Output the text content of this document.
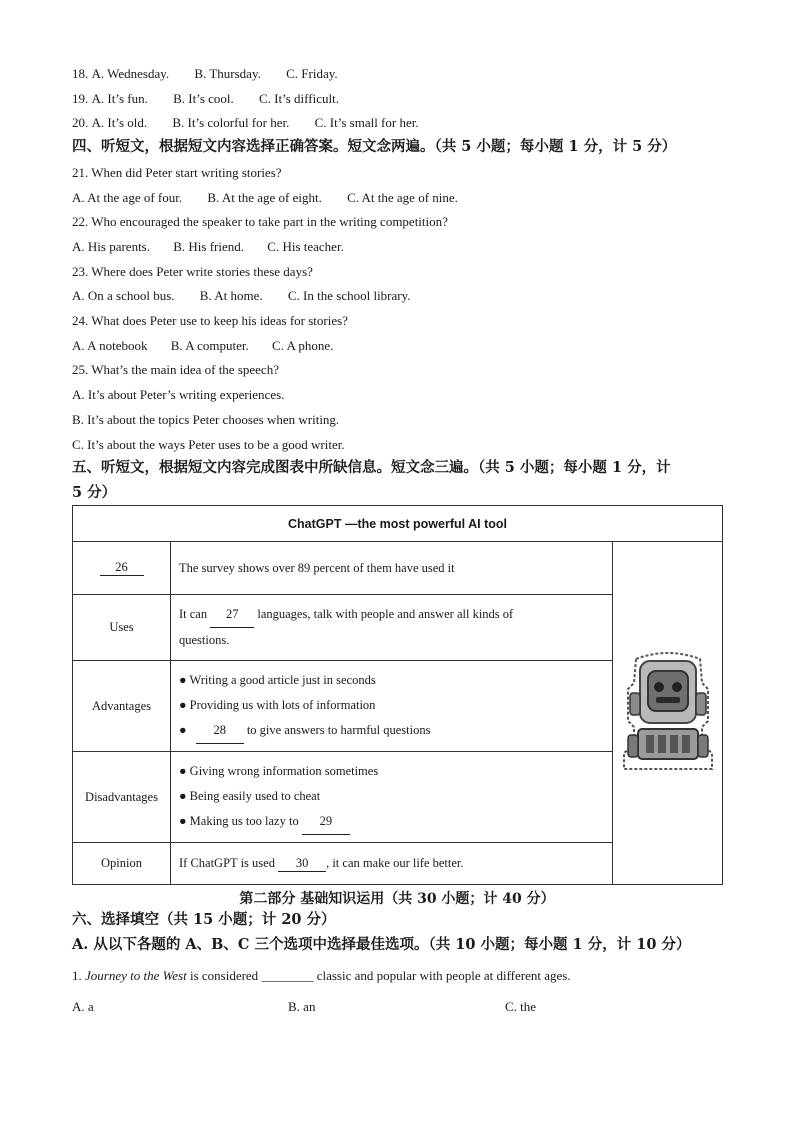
18. A. Wednesday. B. Thursday. C. Friday.
19. A. It’s fun. B. It’s cool. C. It’s difficult.
20. A. It’s old. B. It’s colorful for her. C. It’s small for her.
四、听短文，根据短文内容选择正确答案。短文念两遍。（共 5 小题；每小题 1 分，计 5 分）
21. When did Peter start writing stories?
A. At the age of four. B. At the age of eight. C. At the age of nine.
22. Who encouraged the speaker to take part in the writing competition?
A. His parents. B. His friend. C. His teacher.
23. Where does Peter write stories these days?
A. On a school bus. B. At home. C. In the school library.
24. What does Peter use to keep his ideas for stories?
A. A notebook B. A computer. C. A phone.
25. What’s the main idea of the speech?
A. It’s about Peter’s writing experiences.
B. It’s about the topics Peter chooses when writing.
C. It’s about the ways Peter uses to be a good writer.
五、听短文，根据短文内容完成图表中所缺信息。短文念三遍。（共 5 小题；每小题 1 分，计
5 分）
ChatGPT —the most powerful AI tool		
26	The survey shows over 89 percent of them have used it	
Uses	It can 27 languages, talk with people and answer all kinds of
questions.	

Advantages	● Writing a good article just in seconds
● Providing us with lots of information
● 28 to give answers to harmful questions	

Disadvantages	● Giving wrong information sometimes
● Being easily used to cheat
● Making us too lazy to 29	

Opinion	If ChatGPT is used 30 , it can make our life better.	
第二部分 基础知识运用（共 30 小题；计 40 分）
六、选择填空（共 15 小题；计 20 分）
A. 从以下各题的 A、B、C 三个选项中选择最佳选项。（共 10 小题；每小题 1 分，计 10 分）
1. Journey to the West is considered ________ classic and popular with people at different ages.
A. a	B. an	C. the
